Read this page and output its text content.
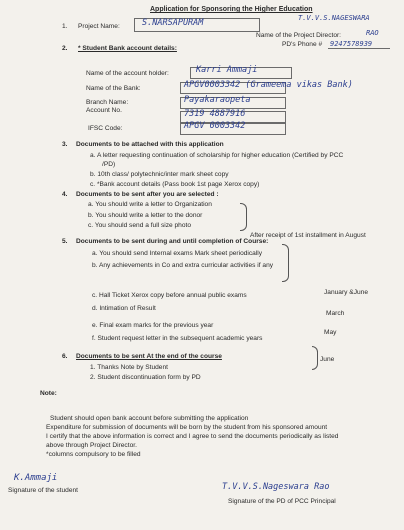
Application for Sponsoring the Higher Education
1. Project Name:	S.NARSAPURAM	T.V.V.S.NAGESWARA
Name of the Project Director:	RAO
PD's Phone # 9247578939
2. * Student Bank account details:
Name of the account holder:	Karri Ammaji
Name of the Bank:	APGV0003342 (Grameema vikas Bank)
Branch Name:	Payakaraopeta
Account No.	7319 4887916
IFSC Code:	APGV 0003342
3. Documents to be attached with this application
a. A letter requesting continuation of scholarship for higher education (Certified by PCC
/PD)
b. 10th class/ polytechnic/inter mark sheet copy
c. *Bank account details (Pass book 1st page Xerox copy)
4. Documents to be sent after you are selected :
a. You should write a letter to Organization
b. You should write a letter to the donor
c. You should send a full size photo
After receipt of 1st installment in August
5. Documents to be sent during and until completion of Course:
a. You should send Internal exams Mark sheet periodically
b. Any achievements in Co and extra curricular activities if any
c. Hall Ticket Xerox copy before annual public exams	January &June
d. Intimation of Result
March
e. Final exam marks for the previous year
May
f. Student request letter in the subsequent academic years
June
6. Documents to be sent At the end of the course
1. Thanks Note by Student
2. Student discontinuation form by PD
Note:
Student should open bank account before submitting the application
Expenditure for submission of documents will be born by the student from his sponsored amount
I certify that the above information is correct and I agree to send the documents periodically as listed
above through Project Director.
*columns compulsory to be filled
K.Ammaji
Signature of the student	T.V.V.S.Nageswara Rao
Signature of the PD of PCC Principal
